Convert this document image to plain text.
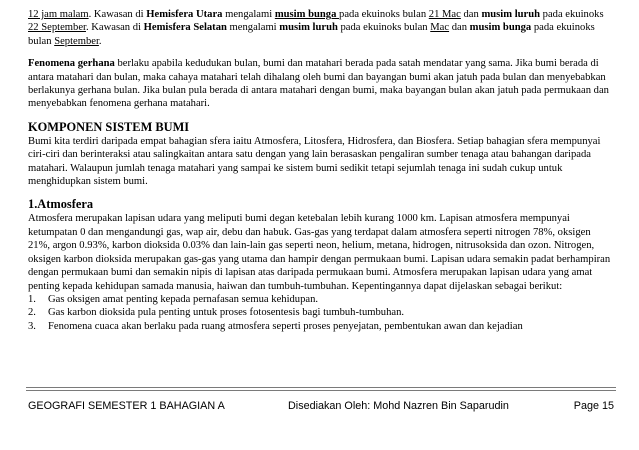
12 jam malam. Kawasan di Hemisfera Utara mengalami musim bunga pada ekuinoks bulan 21 Mac dan musim luruh pada ekuinoks 22 September. Kawasan di Hemisfera Selatan mengalami musim luruh pada ekuinoks bulan Mac dan musim bunga pada ekuinoks bulan September.

Fenomena gerhana berlaku apabila kedudukan bulan, bumi dan matahari berada pada satah mendatar yang sama. Jika bumi berada di antara matahari dan bulan, maka cahaya matahari telah dihalang oleh bumi dan bayangan bumi akan jatuh pada bulan dan menyebabkan berlakunya gerhana bulan. Jika bulan pula berada di antara matahari dengan bumi, maka bayangan bulan akan jatuh pada permukaan dan menyebabkan fenomena gerhana matahari.

KOMPONEN SISTEM BUMI

Bumi kita terdiri daripada empat bahagian sfera iaitu Atmosfera, Litosfera, Hidrosfera, dan Biosfera. Setiap bahagian sfera mempunyai ciri-ciri dan berinteraksi atau salingkaitan antara satu dengan yang lain berasaskan pengaliran sumber tenaga atau bahangan daripada matahari. Walaupun jumlah tenaga matahari yang sampai ke sistem bumi sedikit tetapi sejumlah tenaga ini sudah cukup untuk menghidupkan sistem bumi.

1.Atmosfera

Atmosfera merupakan lapisan udara yang meliputi bumi degan ketebalan lebih kurang 1000 km. Lapisan atmosfera mempunyai ketumpatan 0 dan mengandungi gas, wap air, debu dan habuk. Gas-gas yang terdapat dalam atmosfera seperti nitrogen 78%, oksigen 21%, argon 0.93%, karbon dioksida 0.03% dan lain-lain gas seperti neon, helium, metana, hidrogen, nitrusoksida dan ozon. Nitrogen, oksigen karbon dioksida merupakan gas-gas yang utama dan hampir dengan permukaan bumi. Lapisan udara semakin padat berhampiran dengan permukaan bumi dan semakin nipis di lapisan atas daripada permukaan bumi. Atmosfera merupakan lapisan udara yang amat penting kepada kehidupan samada manusia, haiwan dan tumbuh-tumbuhan. Kepentingannya dapat dijelaskan sebagai berikut:

1.	Gas oksigen amat penting kepada pernafasan semua kehidupan.
2.	Gas karbon dioksida pula penting untuk proses fotosentesis bagi tumbuh-tumbuhan.
3.	Fenomena cuaca akan berlaku pada ruang atmosfera seperti proses penyejatan, pembentukan awan dan kejadian
GEOGRAFI SEMESTER 1 BAHAGIAN A	Disediakan Oleh: Mohd Nazren Bin Saparudin	Page 15
